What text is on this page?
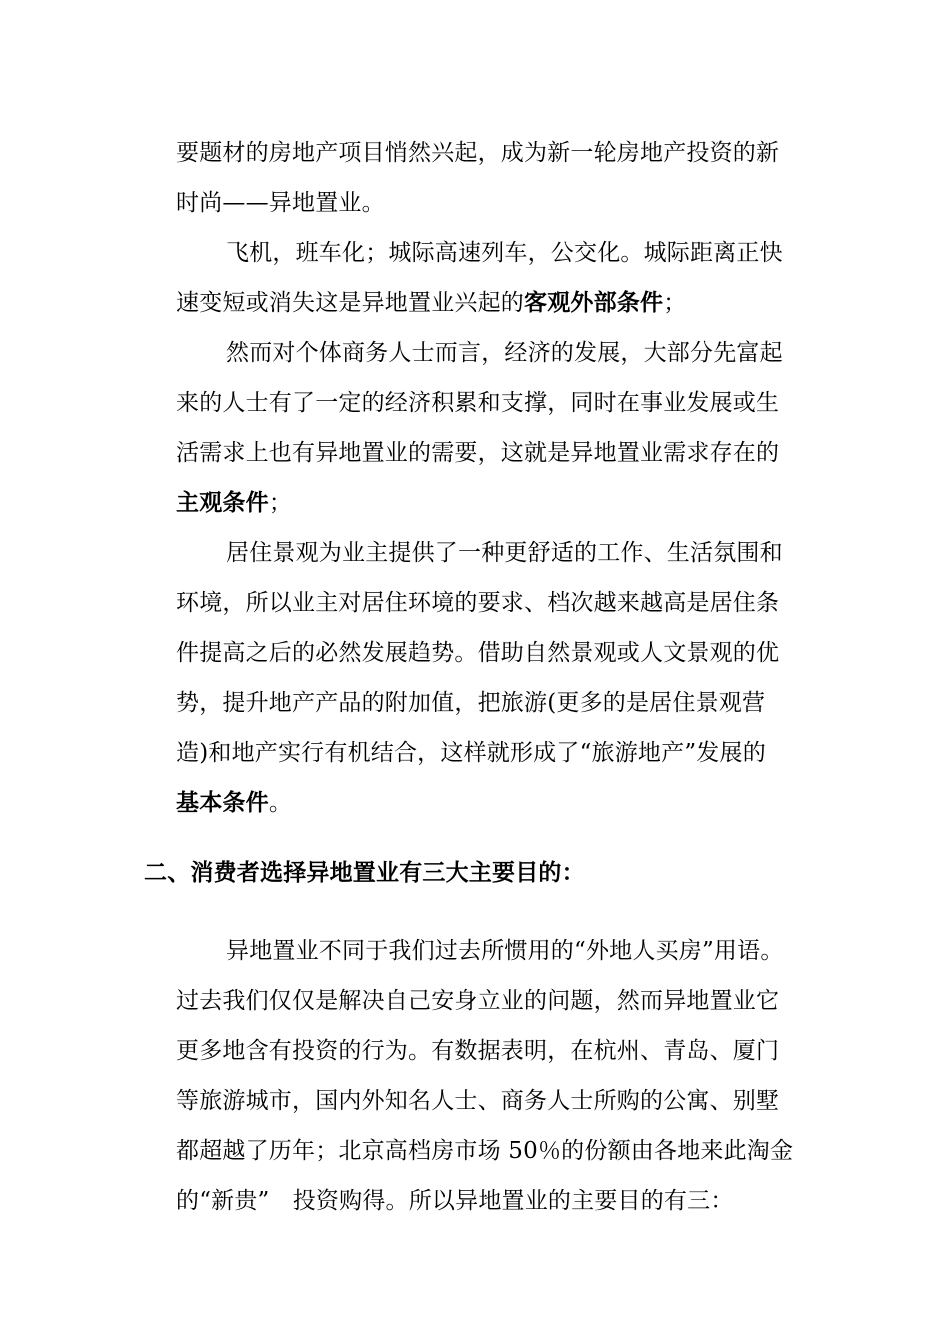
要题材的房地产项目悄然兴起，成为新一轮房地产投资的新
时尚——异地置业。
飞机，班车化；城际高速列车，公交化。城际距离正快
速变短或消失这是异地置业兴起的客观外部条件；
然而对个体商务人士而言，经济的发展，大部分先富起
来的人士有了一定的经济积累和支撑，同时在事业发展或生
活需求上也有异地置业的需要，这就是异地置业需求存在的
主观条件；
居住景观为业主提供了一种更舒适的工作、生活氛围和
环境，所以业主对居住环境的要求、档次越来越高是居住条
件提高之后的必然发展趋势。借助自然景观或人文景观的优
势，提升地产产品的附加值，把旅游(更多的是居住景观营
造)和地产实行有机结合，这样就形成了“旅游地产”发展的
基本条件。
二、消费者选择异地置业有三大主要目的：
异地置业不同于我们过去所惯用的“外地人买房”用语。
过去我们仅仅是解决自己安身立业的问题，然而异地置业它
更多地含有投资的行为。有数据表明，在杭州、青岛、厦门
等旅游城市，国内外知名人士、商务人士所购的公寓、别墅
都超越了历年；北京高档房市场 50％的份额由各地来此淘金
的“新贵”　投资购得。所以异地置业的主要目的有三：
